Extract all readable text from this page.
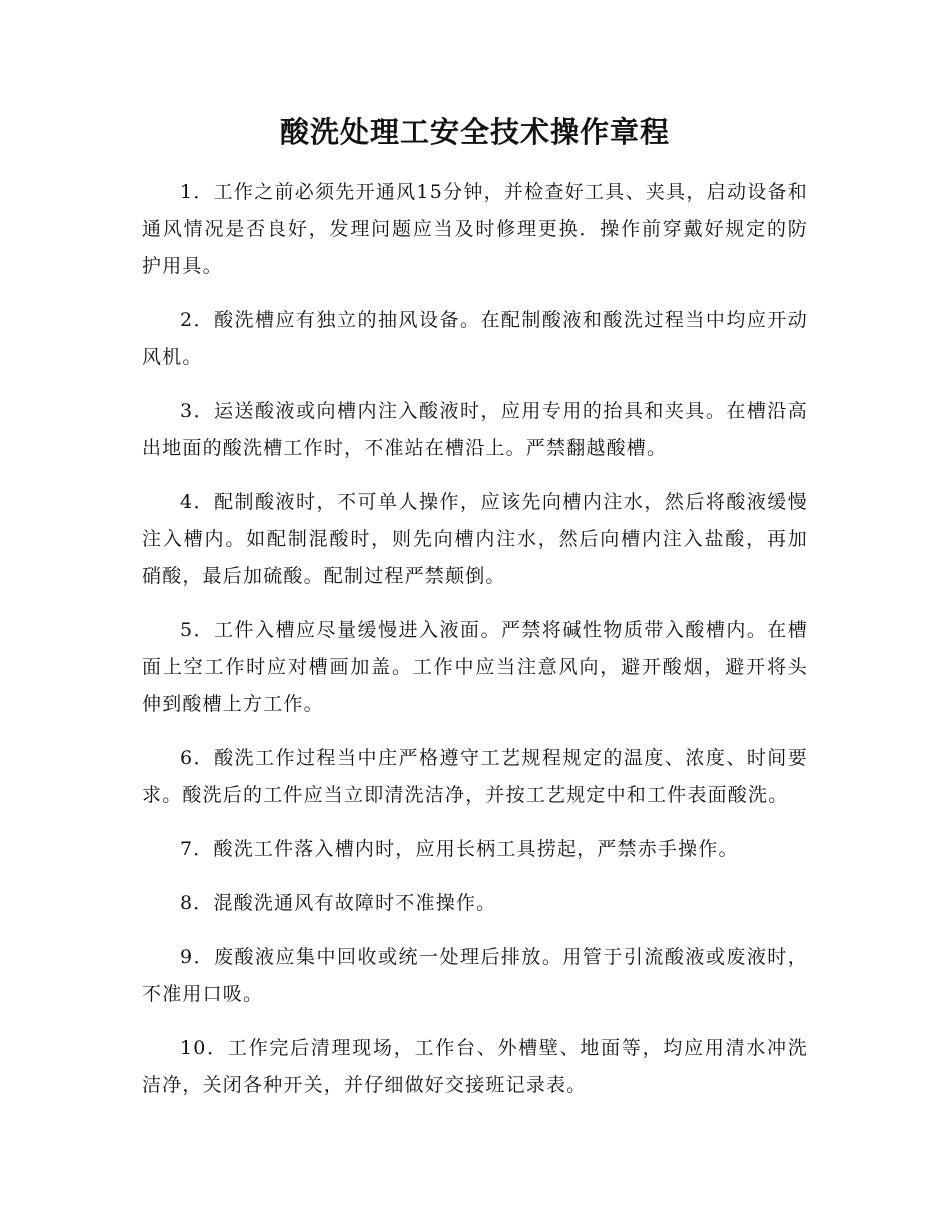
酸洗处理工安全技术操作章程

1．工作之前必须先开通风15分钟，并检查好工具、夹具，启动设备和通风情况是否良好，发理问题应当及时修理更换．操作前穿戴好规定的防护用具。

2．酸洗槽应有独立的抽风设备。在配制酸液和酸洗过程当中均应开动风机。

3．运送酸液或向槽内注入酸液时，应用专用的抬具和夹具。在槽沿高出地面的酸洗槽工作时，不准站在槽沿上。严禁翻越酸槽。

4．配制酸液时，不可单人操作，应该先向槽内注水，然后将酸液缓慢注入槽内。如配制混酸时，则先向槽内注水，然后向槽内注入盐酸，再加硝酸，最后加硫酸。配制过程严禁颠倒。

5．工件入槽应尽量缓慢进入液面。严禁将碱性物质带入酸槽内。在槽面上空工作时应对槽画加盖。工作中应当注意风向，避开酸烟，避开将头伸到酸槽上方工作。

6．酸洗工作过程当中庄严格遵守工艺规程规定的温度、浓度、时间要求。酸洗后的工件应当立即清洗洁净，并按工艺规定中和工件表面酸洗。

7．酸洗工件落入槽内时，应用长柄工具捞起，严禁赤手操作。

8．混酸洗通风有故障时不准操作。

9．废酸液应集中回收或统一处理后排放。用管于引流酸液或废液时，不准用口吸。

10．工作完后清理现场，工作台、外槽壁、地面等，均应用清水冲洗洁净，关闭各种开关，并仔细做好交接班记录表。
